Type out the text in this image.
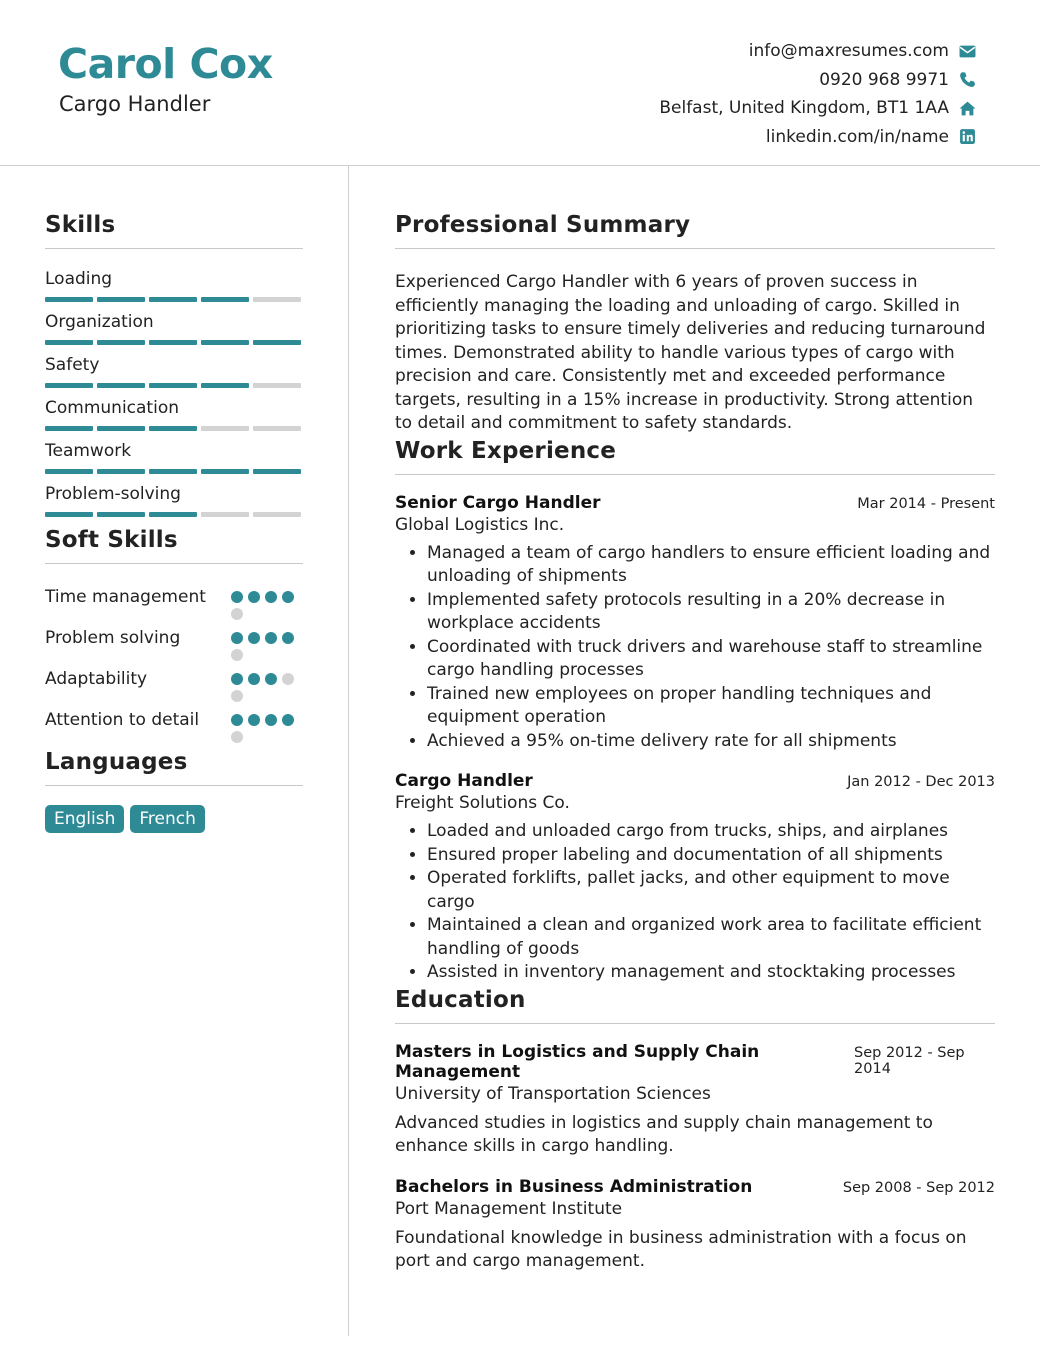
Carol Cox
Cargo Handler
info@maxresumes.com
0920 968 9971
Belfast, United Kingdom, BT1 1AA
linkedin.com/in/name
Skills
Loading
Organization
Safety
Communication
Teamwork
Problem-solving
Soft Skills
Time management
Problem solving
Adaptability
Attention to detail
Languages
English	French
Professional Summary
Experienced Cargo Handler with 6 years of proven success in efficiently managing the loading and unloading of cargo. Skilled in prioritizing tasks to ensure timely deliveries and reducing turnaround times. Demonstrated ability to handle various types of cargo with precision and care. Consistently met and exceeded performance targets, resulting in a 15% increase in productivity. Strong attention to detail and commitment to safety standards.
Work Experience
Senior Cargo Handler	Mar 2014 - Present
Global Logistics Inc.
• Managed a team of cargo handlers to ensure efficient loading and unloading of shipments
• Implemented safety protocols resulting in a 20% decrease in workplace accidents
• Coordinated with truck drivers and warehouse staff to streamline cargo handling processes
• Trained new employees on proper handling techniques and equipment operation
• Achieved a 95% on-time delivery rate for all shipments
Cargo Handler	Jan 2012 - Dec 2013
Freight Solutions Co.
• Loaded and unloaded cargo from trucks, ships, and airplanes
• Ensured proper labeling and documentation of all shipments
• Operated forklifts, pallet jacks, and other equipment to move cargo
• Maintained a clean and organized work area to facilitate efficient handling of goods
• Assisted in inventory management and stocktaking processes
Education
Masters in Logistics and Supply Chain Management
Sep 2012 - Sep 2014
University of Transportation Sciences
Advanced studies in logistics and supply chain management to enhance skills in cargo handling.
Bachelors in Business Administration	Sep 2008 - Sep 2012
Port Management Institute
Foundational knowledge in business administration with a focus on port and cargo management.
